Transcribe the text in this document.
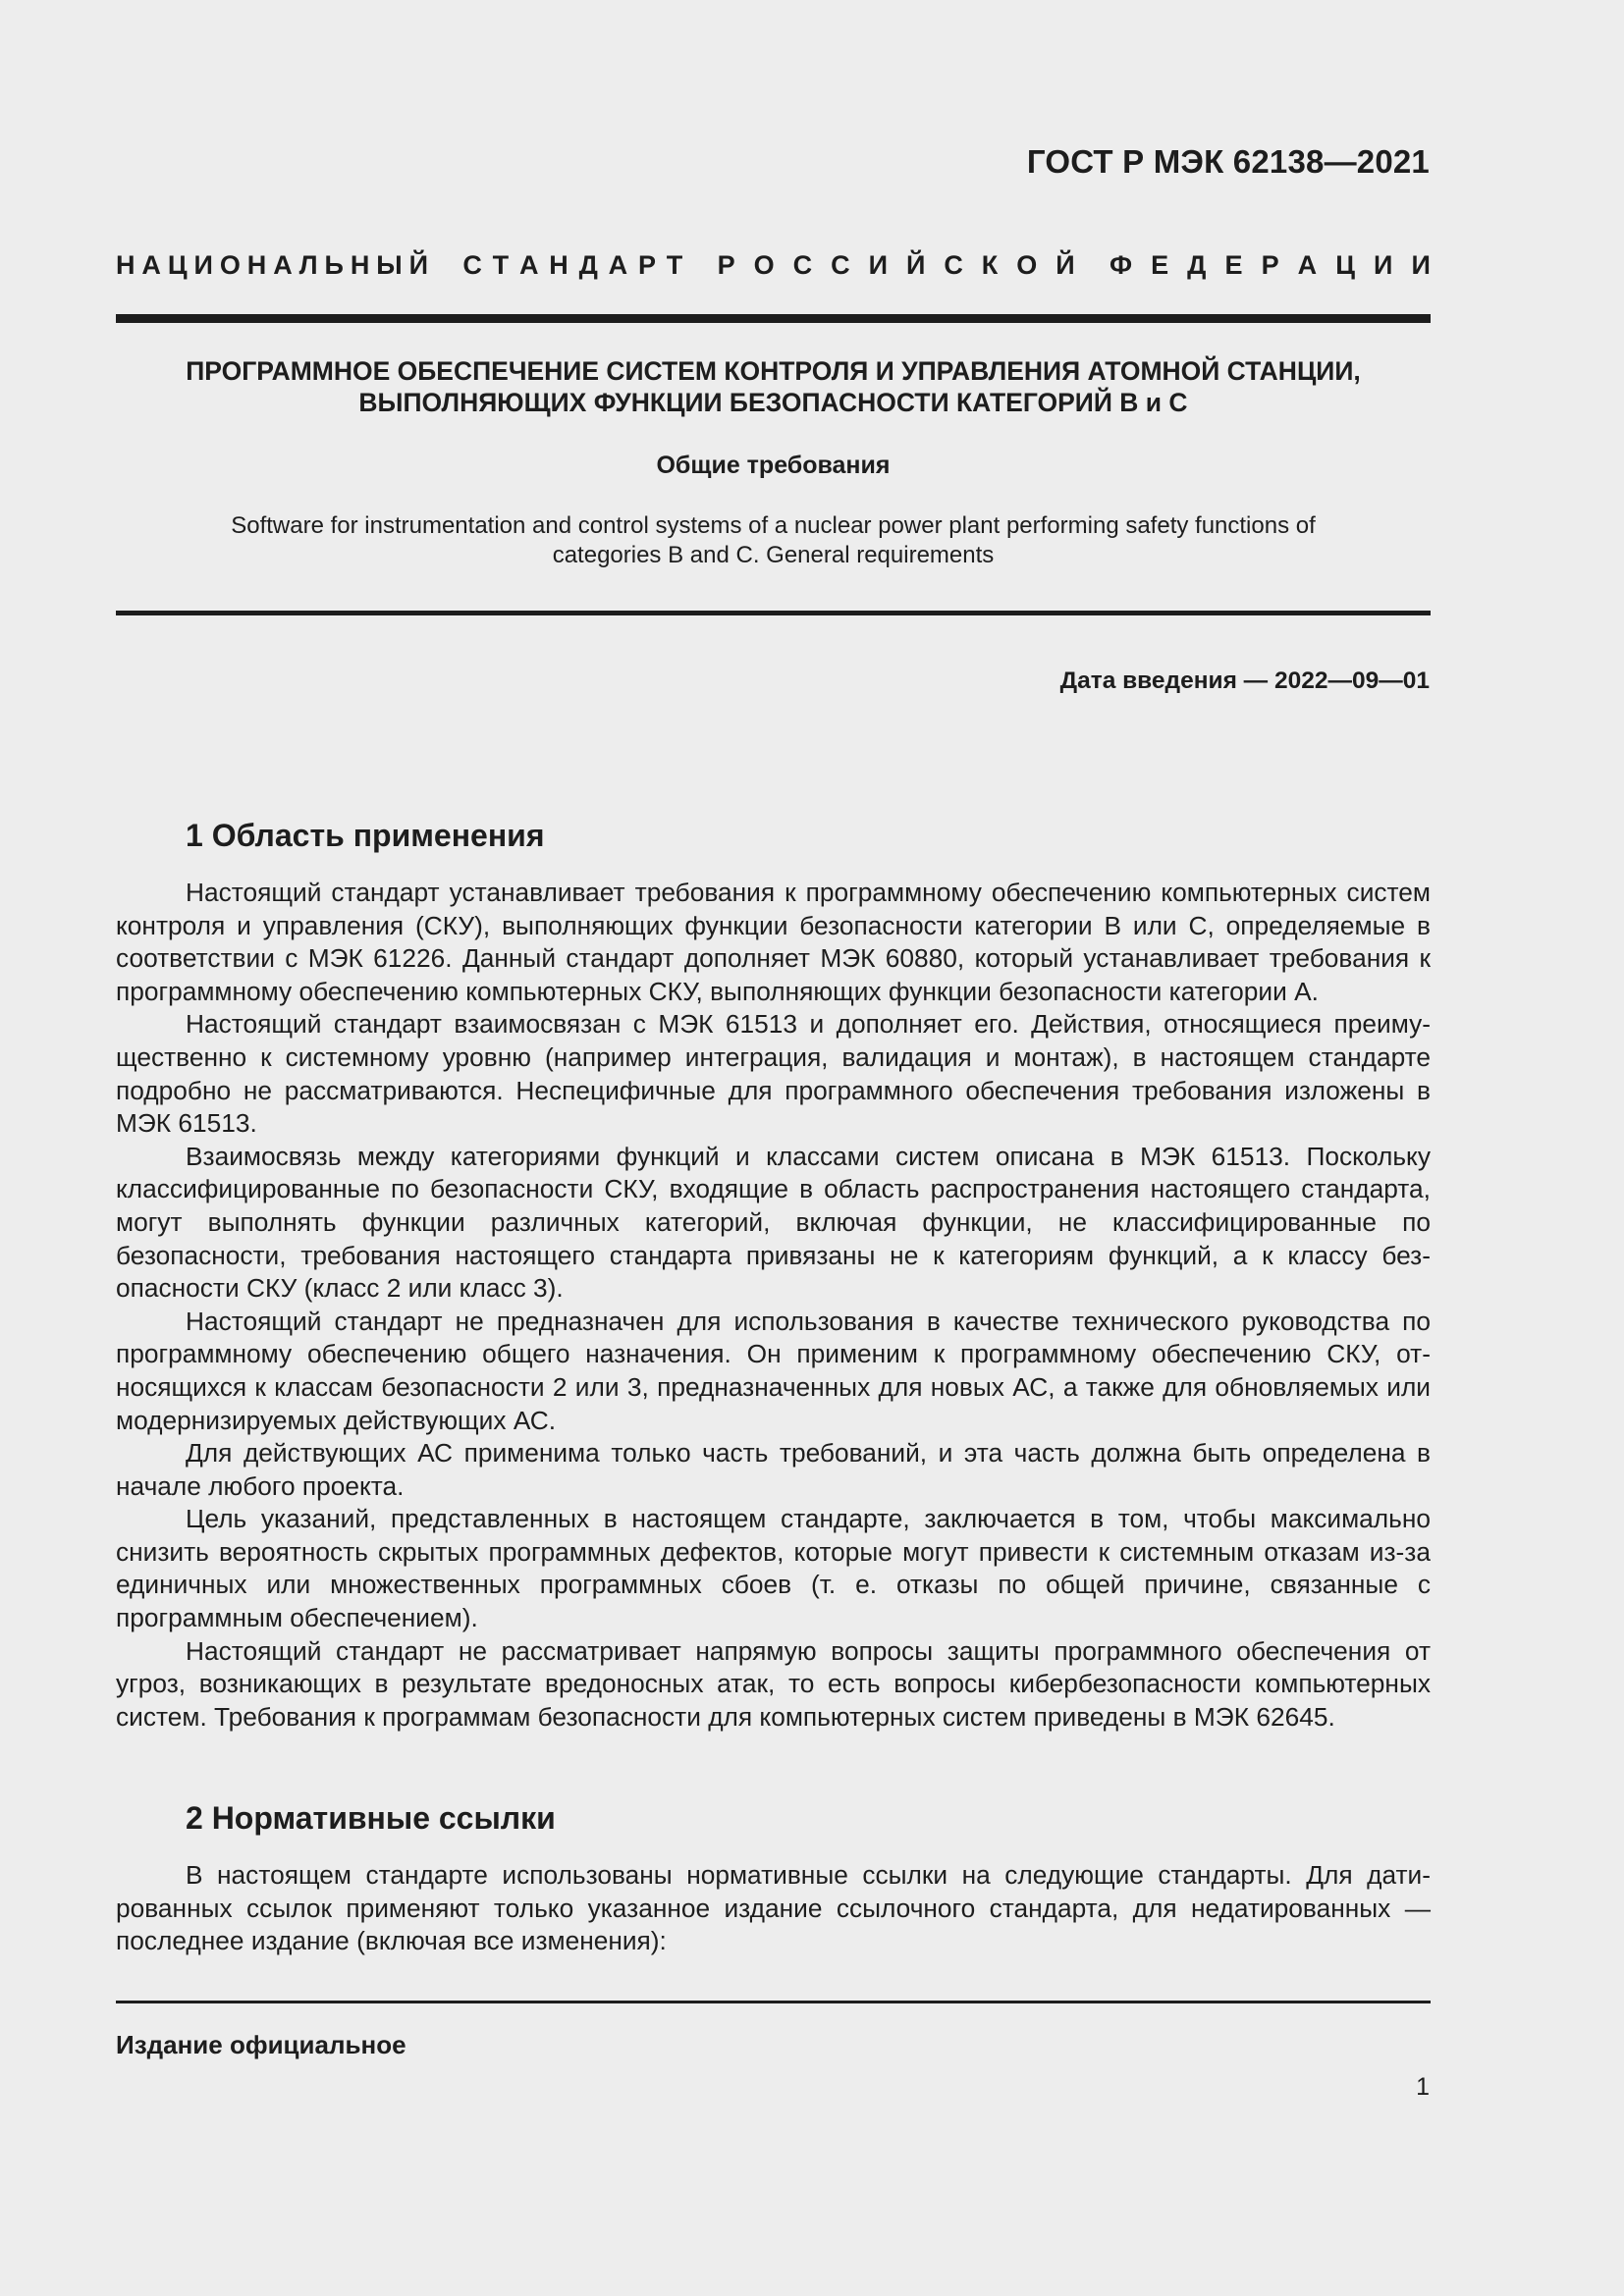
ГОСТ Р МЭК 62138—2021
Н А Ц И О Н А Л Ь Н Ы Й С Т А Н Д А Р Т Р О С С И Й С К О Й Ф Е Д Е Р А Ц И И
ПРОГРАММНОЕ ОБЕСПЕЧЕНИЕ СИСТЕМ КОНТРОЛЯ И УПРАВЛЕНИЯ АТОМНОЙ СТАНЦИИ,
ВЫПОЛНЯЮЩИХ ФУНКЦИИ БЕЗОПАСНОСТИ КАТЕГОРИЙ В и С
Общие требования
Software for instrumentation and control systems of a nuclear power plant performing safety functions of
categories B and C. General requirements
Дата введения — 2022—09—01
1 Область применения

Настоящий стандарт устанавливает требования к программному обеспечению компьютерных систем контроля и управления (СКУ), выполняющих функции безопасности категории В или С, определяемые в соответствии с МЭК 61226. Данный стандарт дополняет МЭК 60880, который устанавливает требования к программному обеспечению компьютерных СКУ, выполняющих функции безопасности категории А.

Настоящий стандарт взаимосвязан с МЭК 61513 и дополняет его. Действия, относящиеся преимущественно к системному уровню (например интеграция, валидация и монтаж), в настоящем стандарте подробно не рассматриваются. Неспецифичные для программного обеспечения требования изложены в МЭК 61513.

Взаимосвязь между категориями функций и классами систем описана в МЭК 61513. Поскольку классифицированные по безопасности СКУ, входящие в область распространения настоящего стандарта, могут выполнять функции различных категорий, включая функции, не классифицированные по безопасности, требования настоящего стандарта привязаны не к категориям функций, а к классу безопасности СКУ (класс 2 или класс 3).

Настоящий стандарт не предназначен для использования в качестве технического руководства по программному обеспечению общего назначения. Он применим к программному обеспечению СКУ, относящихся к классам безопасности 2 или 3, предназначенных для новых АС, а также для обновляемых или модернизируемых действующих АС.

Для действующих АС применима только часть требований, и эта часть должна быть определена в начале любого проекта.

Цель указаний, представленных в настоящем стандарте, заключается в том, чтобы максимально снизить вероятность скрытых программных дефектов, которые могут привести к системным отказам из-за единичных или множественных программных сбоев (т. е. отказы по общей причине, связанные с программным обеспечением).

Настоящий стандарт не рассматривает напрямую вопросы защиты программного обеспечения от угроз, возникающих в результате вредоносных атак, то есть вопросы кибербезопасности компьютерных систем. Требования к программам безопасности для компьютерных систем приведены в МЭК 62645.

2 Нормативные ссылки

В настоящем стандарте использованы нормативные ссылки на следующие стандарты. Для датированных ссылок применяют только указанное издание ссылочного стандарта, для недатированных — последнее издание (включая все изменения):

Издание официальное
1
